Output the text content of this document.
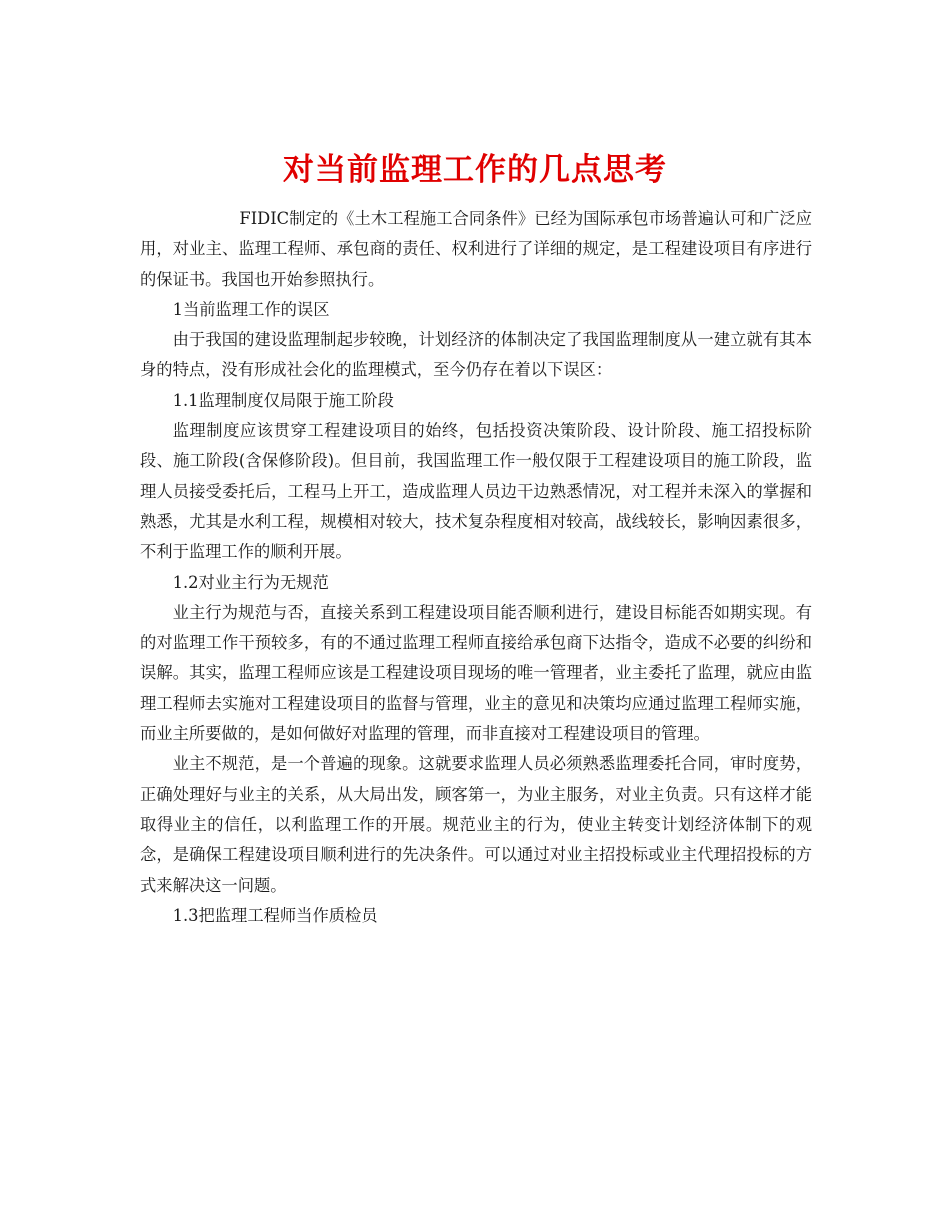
对当前监理工作的几点思考

FIDIC制定的《土木工程施工合同条件》已经为国际承包市场普遍认可和广泛应用，对业主、监理工程师、承包商的责任、权利进行了详细的规定，是工程建设项目有序进行的保证书。我国也开始参照执行。

1当前监理工作的误区

由于我国的建设监理制起步较晚，计划经济的体制决定了我国监理制度从一建立就有其本身的特点，没有形成社会化的监理模式，至今仍存在着以下误区：

1.1监理制度仅局限于施工阶段

监理制度应该贯穿工程建设项目的始终，包括投资决策阶段、设计阶段、施工招投标阶段、施工阶段(含保修阶段)。但目前，我国监理工作一般仅限于工程建设项目的施工阶段，监理人员接受委托后，工程马上开工，造成监理人员边干边熟悉情况，对工程并未深入的掌握和熟悉，尤其是水利工程，规模相对较大，技术复杂程度相对较高，战线较长，影响因素很多，不利于监理工作的顺利开展。

1.2对业主行为无规范

业主行为规范与否，直接关系到工程建设项目能否顺利进行，建设目标能否如期实现。有的对监理工作干预较多，有的不通过监理工程师直接给承包商下达指令，造成不必要的纠纷和误解。其实，监理工程师应该是工程建设项目现场的唯一管理者，业主委托了监理，就应由监理工程师去实施对工程建设项目的监督与管理，业主的意见和决策均应通过监理工程师实施，而业主所要做的，是如何做好对监理的管理，而非直接对工程建设项目的管理。

业主不规范，是一个普遍的现象。这就要求监理人员必须熟悉监理委托合同，审时度势，正确处理好与业主的关系，从大局出发，顾客第一，为业主服务，对业主负责。只有这样才能取得业主的信任，以利监理工作的开展。规范业主的行为，使业主转变计划经济体制下的观念，是确保工程建设项目顺利进行的先决条件。可以通过对业主招投标或业主代理招投标的方式来解决这一问题。

1.3把监理工程师当作质检员
